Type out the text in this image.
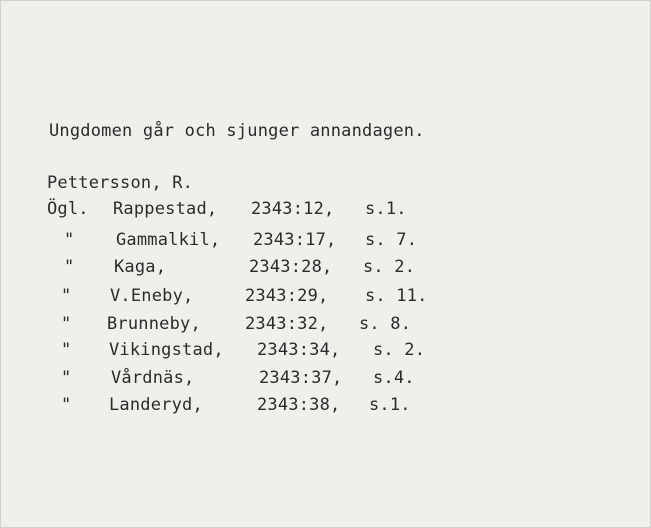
Ungdomen går och sjunger annandagen.

Pettersson, R.

Ögl. Rappestad, 2343:12, s.1.
" Gammalkil, 2343:17, s. 7.
" Kaga,	2343:28, s. 2.
" V.Eneby,	2343:29, s. 11.
" Brunneby,	2343:32, s. 8.
" Vikingstad, 2343:34, s. 2.
" Vårdnäs,	2343:37, s.4.
" Landeryd,	2343:38, s.1.
